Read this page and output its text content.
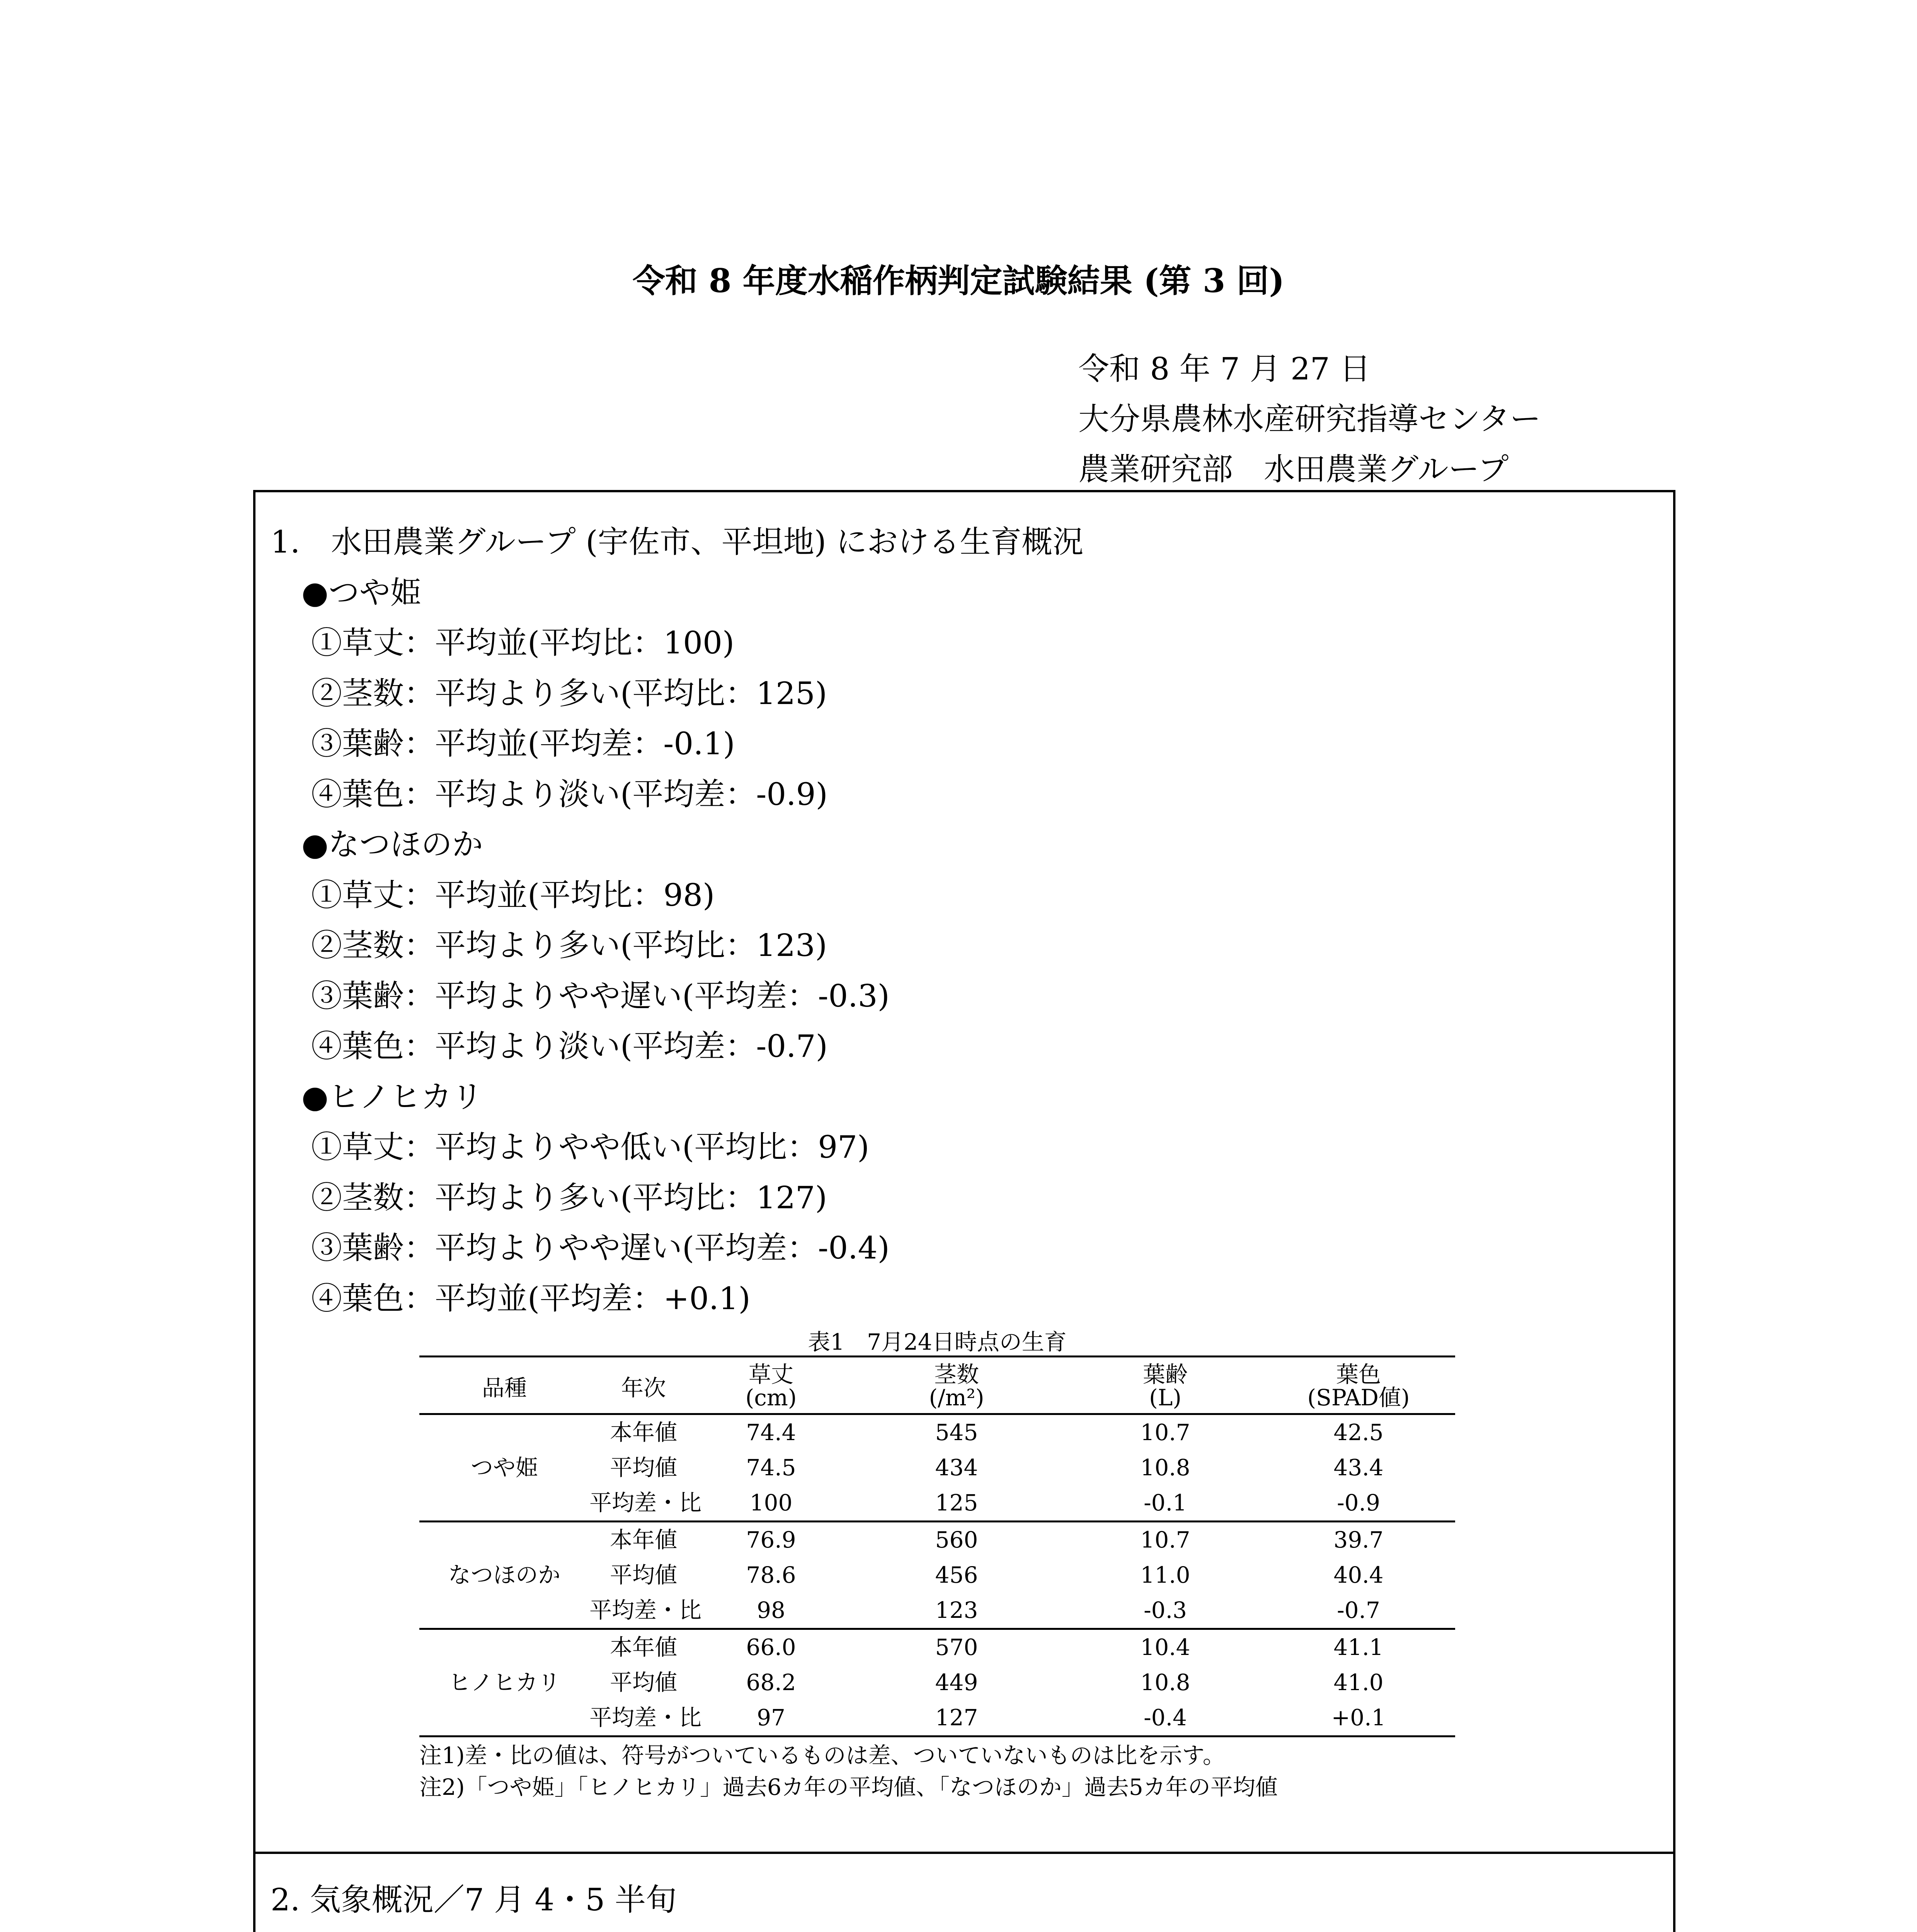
令和 8 年度水稲作柄判定試験結果 (第 3 回)
令和 8 年 7 月 27 日
大分県農林水産研究指導センター
農業研究部　水田農業グループ
1.　水田農業グループ (宇佐市、平坦地) における生育概況
●つや姫
①草丈：平均並(平均比：100)
②茎数：平均より多い(平均比：125)
③葉齢：平均並(平均差：-0.1)
④葉色：平均より淡い(平均差：-0.9)
●なつほのか
①草丈：平均並(平均比：98)
②茎数：平均より多い(平均比：123)
③葉齢：平均よりやや遅い(平均差：-0.3)
④葉色：平均より淡い(平均差：-0.7)
●ヒノヒカリ
①草丈：平均よりやや低い(平均比：97)
②茎数：平均より多い(平均比：127)
③葉齢：平均よりやや遅い(平均差：-0.4)
④葉色：平均並(平均差：+0.1)
表1　7月24日時点の生育
品種	年次	草丈	茎数	葉齢	葉色
		(cm)	(/m²)	(L)	(SPAD値)
つや姫	本年値	74.4	545	10.7	42.5
	平均値	74.5	434	10.8	43.4
	平均差・比	100	125	-0.1	-0.9
なつほのか	本年値	76.9	560	10.7	39.7
	平均値	78.6	456	11.0	40.4
	平均差・比	98	123	-0.3	-0.7
ヒノヒカリ	本年値	66.0	570	10.4	41.1
	平均値	68.2	449	10.8	41.0
	平均差・比	97	127	-0.4	+0.1
注1)差・比の値は、符号がついているものは差、ついていないものは比を示す。
注2)「つや姫」「ヒノヒカリ」過去6カ年の平均値、「なつほのか」過去5カ年の平均値
2. 気象概況／7 月 4・5 半旬
